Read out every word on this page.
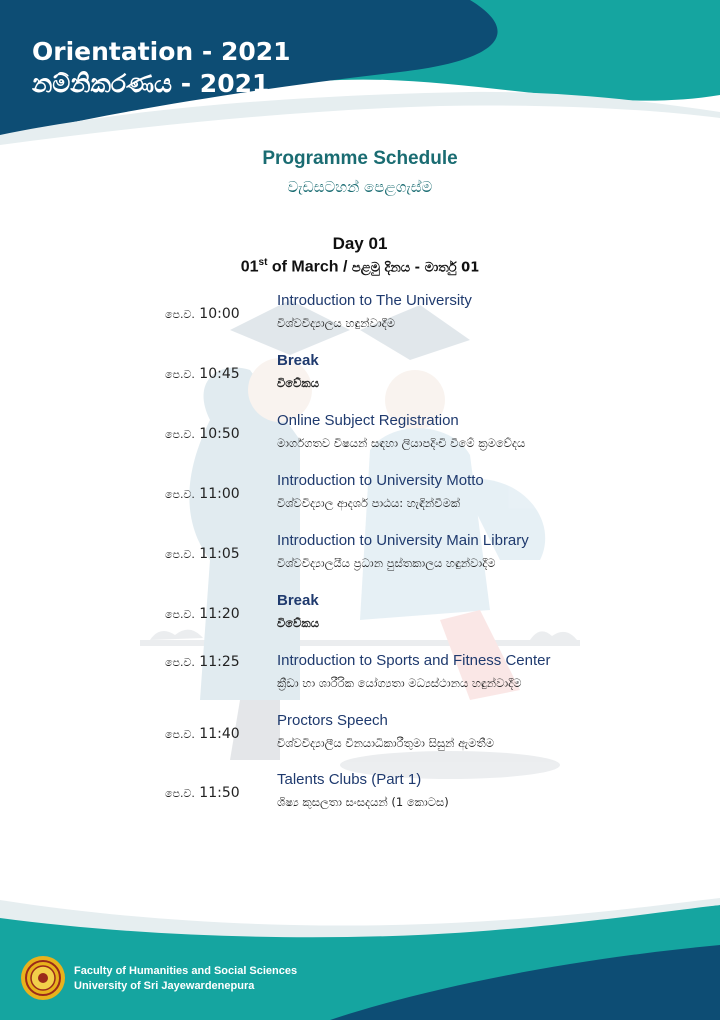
Orientation - 2021
නම්නිකරණය - 2021
Programme Schedule
වැඩසටහන් පෙළගැස්ම
Day 01
01st of March / පළමු දිනය - මාර්තු 01
පෙ.ව. 10:00
Introduction to The University
විශ්වවිද්‍යාලය හඳුන්වාදීම
පෙ.ව. 10:45
Break
විවේකය
පෙ.ව. 10:50
Online Subject Registration
මාර්ගගතව විෂයන් සඳහා ලියාපදිංචි වීමේ ක්‍රමවේදය
පෙ.ව. 11:00
Introduction to University Motto
විශ්වවිද්‍යාල ආදර්ශ පාඨය: හැඳින්වීමක්
පෙ.ව. 11:05
Introduction to University Main Library
විශ්වවිද්‍යාලයීය ප්‍රධාන පුස්තකාලය හඳුන්වාදීම
පෙ.ව. 11:20
Break
විවේකය
පෙ.ව. 11:25	Introduction to Sports and Fitness Center
ක්‍රීඩා හා ශාරීරික යෝග්‍යතා මධ්‍යස්ථානය හඳුන්වාදීම
පෙ.ව. 11:40
Proctors Speech
විශ්වවිද්‍යාලීය විනයාධිකාරීතුමා සිසුන් ඇමතීම
පෙ.ව. 11:50
Talents Clubs (Part 1)
ශිෂ්‍ය කුසලතා සංසදයන් (1 කොටස)
Faculty of Humanities and Social Sciences
University of Sri Jayewardenepura
